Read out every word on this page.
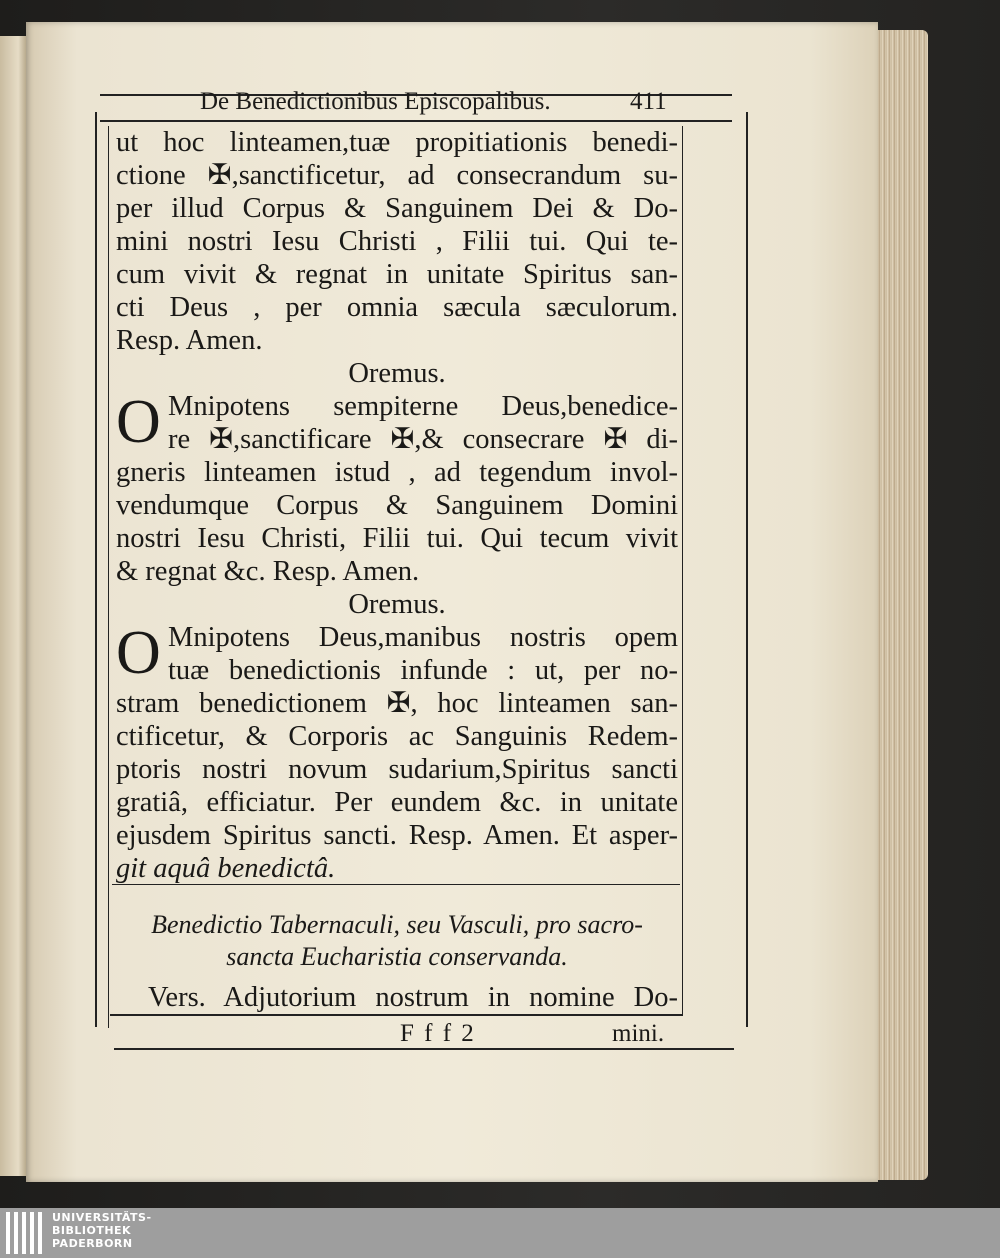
De Benedictionibus Episcopalibus.	411
ut hoc linteamen,tuæ propitiationis benedi-
ctione ✠,sanctificetur, ad consecrandum su-
per illud Corpus & Sanguinem Dei & Do-
mini nostri Iesu Christi , Filii tui. Qui te-
cum vivit & regnat in unitate Spiritus san-
cti Deus , per omnia sæcula sæculorum.
Resp. Amen.
Oremus.
O Mnipotens sempiterne Deus,benedice-
re ✠,sanctificare ✠,& consecrare ✠ di-
gneris linteamen istud , ad tegendum invol-
vendumque Corpus & Sanguinem Domini
nostri Iesu Christi, Filii tui. Qui tecum vivit
& regnat &c. Resp. Amen.
Oremus.
O Mnipotens Deus,manibus nostris opem
tuæ benedictionis infunde : ut, per no-
stram benedictionem ✠, hoc linteamen san-
ctificetur, & Corporis ac Sanguinis Redem-
ptoris nostri novum sudarium,Spiritus sancti
gratiâ, efficiatur. Per eundem &c. in unitate
ejusdem Spiritus sancti. Resp. Amen. Et asper-
git aquâ benedictâ.
Benedictio Tabernaculi, seu Vasculi, pro sacro-
sancta Eucharistia conservanda.
Vers. Adjutorium nostrum in nomine Do-
F f f 2	mini.
UNIVERSITÄTS-
BIBLIOTHEK
PADERBORN
